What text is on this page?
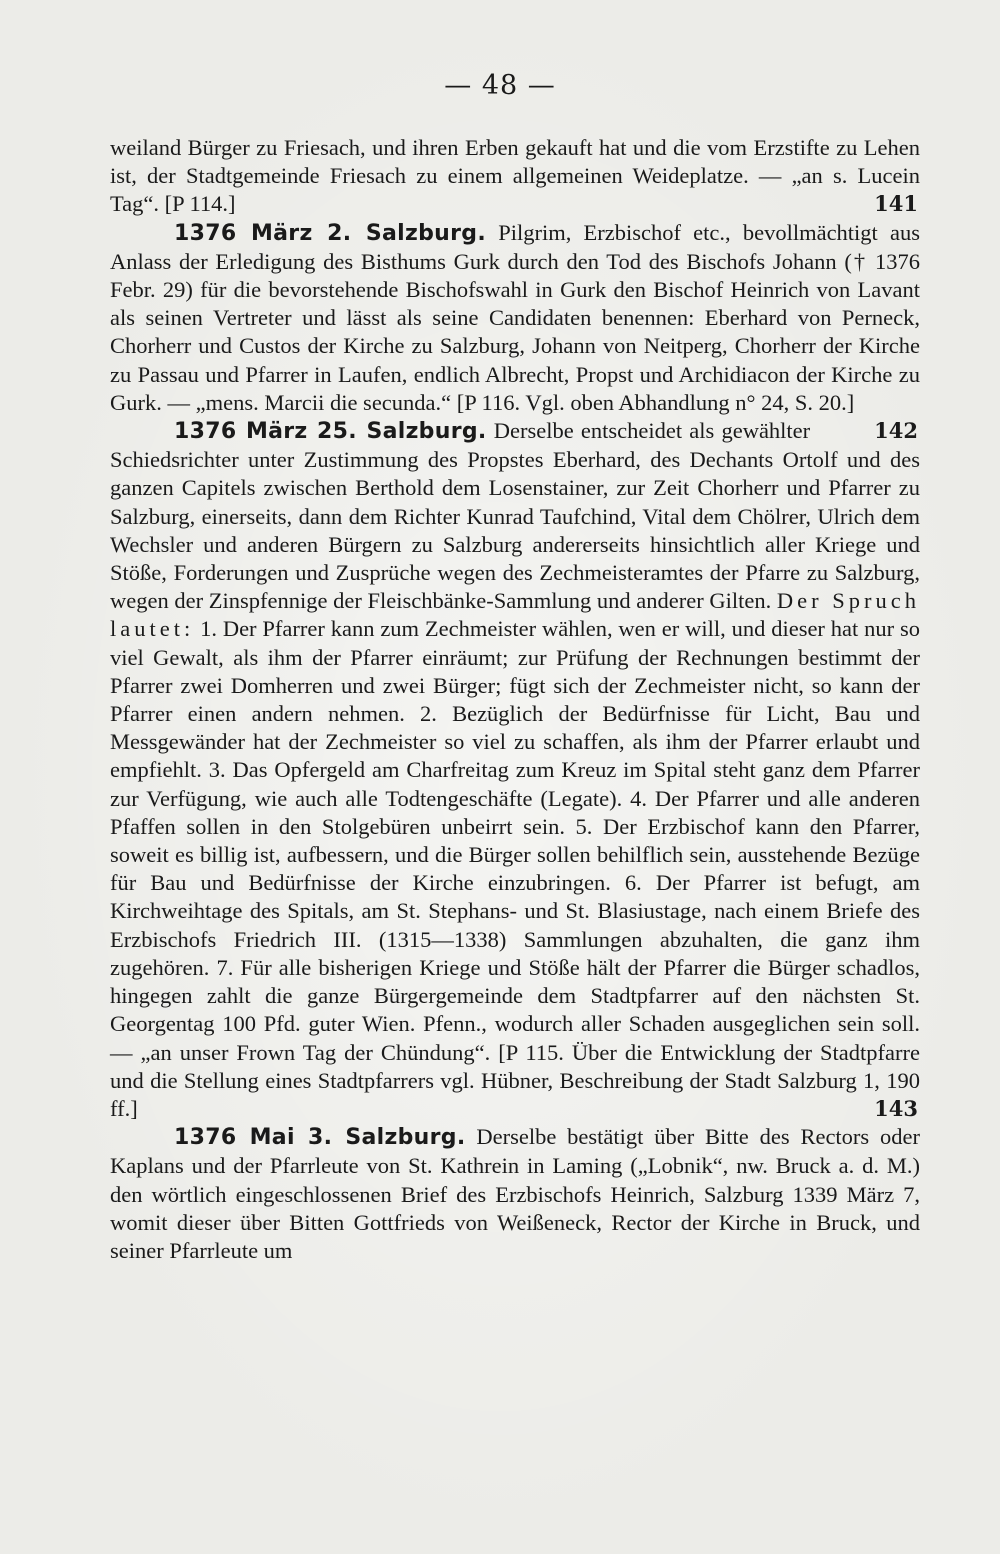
— 48 —

weiland Bürger zu Friesach, und ihren Erben gekauft hat und die vom Erzstifte zu Lehen ist, der Stadtgemeinde Friesach zu einem allgemeinen Weideplatze. — „an s. Lucein Tag“. [P 114.]	141

1376 März 2. Salzburg. Pilgrim, Erzbischof etc., bevollmächtigt aus Anlass der Erledigung des Bisthums Gurk durch den Tod des Bischofs Johann († 1376 Febr. 29) für die bevorstehende Bischofswahl in Gurk den Bischof Heinrich von Lavant als seinen Vertreter und lässt als seine Candidaten benennen: Eberhard von Perneck, Chorherr und Custos der Kirche zu Salzburg, Johann von Neitperg, Chorherr der Kirche zu Passau und Pfarrer in Laufen, endlich Albrecht, Propst und Archidiacon der Kirche zu Gurk. — „mens. Marcii die secunda.“ [P 116. Vgl. oben Abhandlung n° 24, S. 20.]
142

1376 März 25. Salzburg. Derselbe entscheidet als gewählter Schiedsrichter unter Zustimmung des Propstes Eberhard, des Dechants Ortolf und des ganzen Capitels zwischen Berthold dem Losenstainer, zur Zeit Chorherr und Pfarrer zu Salzburg, einerseits, dann dem Richter Kunrad Taufchind, Vital dem Chölrer, Ulrich dem Wechsler und anderen Bürgern zu Salzburg andererseits hinsichtlich aller Kriege und Stöße, Forderungen und Zusprüche wegen des Zechmeisteramtes der Pfarre zu Salzburg, wegen der Zinspfennige der Fleischbänke-Sammlung und anderer Gilten. Der Spruch lautet: 1. Der Pfarrer kann zum Zechmeister wählen, wen er will, und dieser hat nur so viel Gewalt, als ihm der Pfarrer einräumt; zur Prüfung der Rechnungen bestimmt der Pfarrer zwei Domherren und zwei Bürger; fügt sich der Zechmeister nicht, so kann der Pfarrer einen andern nehmen. 2. Bezüglich der Bedürfnisse für Licht, Bau und Messgewänder hat der Zechmeister so viel zu schaffen, als ihm der Pfarrer erlaubt und empfiehlt. 3. Das Opfergeld am Charfreitag zum Kreuz im Spital steht ganz dem Pfarrer zur Verfügung, wie auch alle Todtengeschäfte (Legate). 4. Der Pfarrer und alle anderen Pfaffen sollen in den Stolgebüren unbeirrt sein. 5. Der Erzbischof kann den Pfarrer, soweit es billig ist, aufbessern, und die Bürger sollen behilflich sein, ausstehende Bezüge für Bau und Bedürfnisse der Kirche einzubringen. 6. Der Pfarrer ist befugt, am Kirchweihtage des Spitals, am St. Stephans- und St. Blasiustage, nach einem Briefe des Erzbischofs Friedrich III. (1315—1338) Sammlungen abzuhalten, die ganz ihm zugehören. 7. Für alle bisherigen Kriege und Stöße hält der Pfarrer die Bürger schadlos, hingegen zahlt die ganze Bürgergemeinde dem Stadtpfarrer auf den nächsten St. Georgentag 100 Pfd. guter Wien. Pfenn., wodurch aller Schaden ausgeglichen sein soll. — „an unser Frown Tag der Chündung“. [P 115. Über die Entwicklung der Stadtpfarre und die Stellung eines Stadtpfarrers vgl. Hübner, Beschreibung der Stadt Salzburg 1, 190 ff.]	143

1376 Mai 3. Salzburg. Derselbe bestätigt über Bitte des Rectors oder Kaplans und der Pfarrleute von St. Kathrein in Laming („Lobnik“, nw. Bruck a. d. M.) den wörtlich eingeschlossenen Brief des Erzbischofs Heinrich, Salzburg 1339 März 7, womit dieser über Bitten Gottfrieds von Weißeneck, Rector der Kirche in Bruck, und seiner Pfarrleute um
